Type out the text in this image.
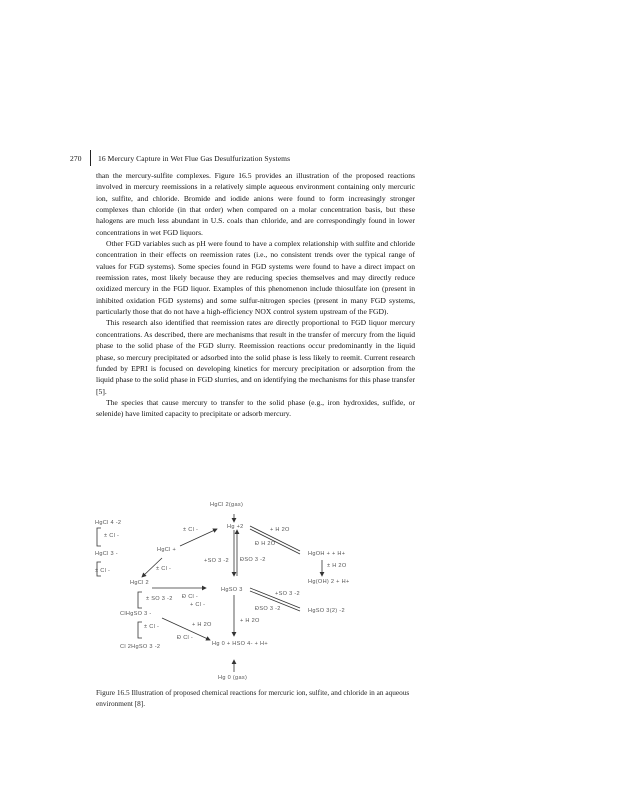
270 16 Mercury Capture in Wet Flue Gas Desulfurization Systems

than the mercury-sulfite complexes. Figure 16.5 provides an illustration of the proposed reactions involved in mercury reemissions in a relatively simple aqueous environment containing only mercuric ion, sulfite, and chloride. Bromide and iodide anions were found to form increasingly stronger complexes than chloride (in that order) when compared on a molar concentration basis, but these halogens are much less abundant in U.S. coals than chloride, and are correspondingly found in lower concentrations in wet FGD liquors.

Other FGD variables such as pH were found to have a complex relationship with sulfite and chloride concentration in their effects on reemission rates (i.e., no consistent trends over the typical range of values for FGD systems). Some species found in FGD systems were found to have a direct impact on reemission rates, most likely because they are reducing species themselves and may directly reduce oxidized mercury in the FGD liquor. Examples of this phenomenon include thiosulfate ion (present in inhibited oxidation FGD systems) and some sulfur-nitrogen species (present in many FGD systems, particularly those that do not have a high-efficiency NOX control system upstream of the FGD).

This research also identified that reemission rates are directly proportional to FGD liquor mercury concentrations. As described, there are mechanisms that result in the transfer of mercury from the liquid phase to the solid phase of the FGD slurry. Reemission reactions occur predominantly in the liquid phase, so mercury precipitated or adsorbed into the solid phase is less likely to reemit. Current research funded by EPRI is focused on developing kinetics for mercury precipitation or adsorption from the liquid phase to the solid phase in FGD slurries, and on identifying the mechanisms for this phase transfer [5].

The species that cause mercury to transfer to the solid phase (e.g., iron hydroxides, sulfide, or selenide) have limited capacity to precipitate or adsorb mercury.

HgCl 2(gas)
HgCl 4 -2
± Cl -
HgCl 3 -
± Cl -
HgCl +
± Cl -
± Cl -
Hg +2	+ H 2O
Đ H 2O
HgOH + + H+
+SO 3 -2 ĐSO 3 -2
± H 2O
HgCl 2	Hg(OH) 2 + H+
± SO 3 -2 Đ Cl -
HgSO 3
+ Cl -
+SO 3 -2
ClHgSO 3 -
ĐSO 3 -2	HgSO 3(2) -2
+ H 2O
± Cl -	+ H 2O
Đ Cl -
Cl 2HgSO 3 -2	Hg 0 + HSO 4- + H+
Hg 0 (gas)
Figure 16.5 Illustration of proposed chemical reactions for mercuric ion, sulfite, and chloride in an aqueous environment [8].
